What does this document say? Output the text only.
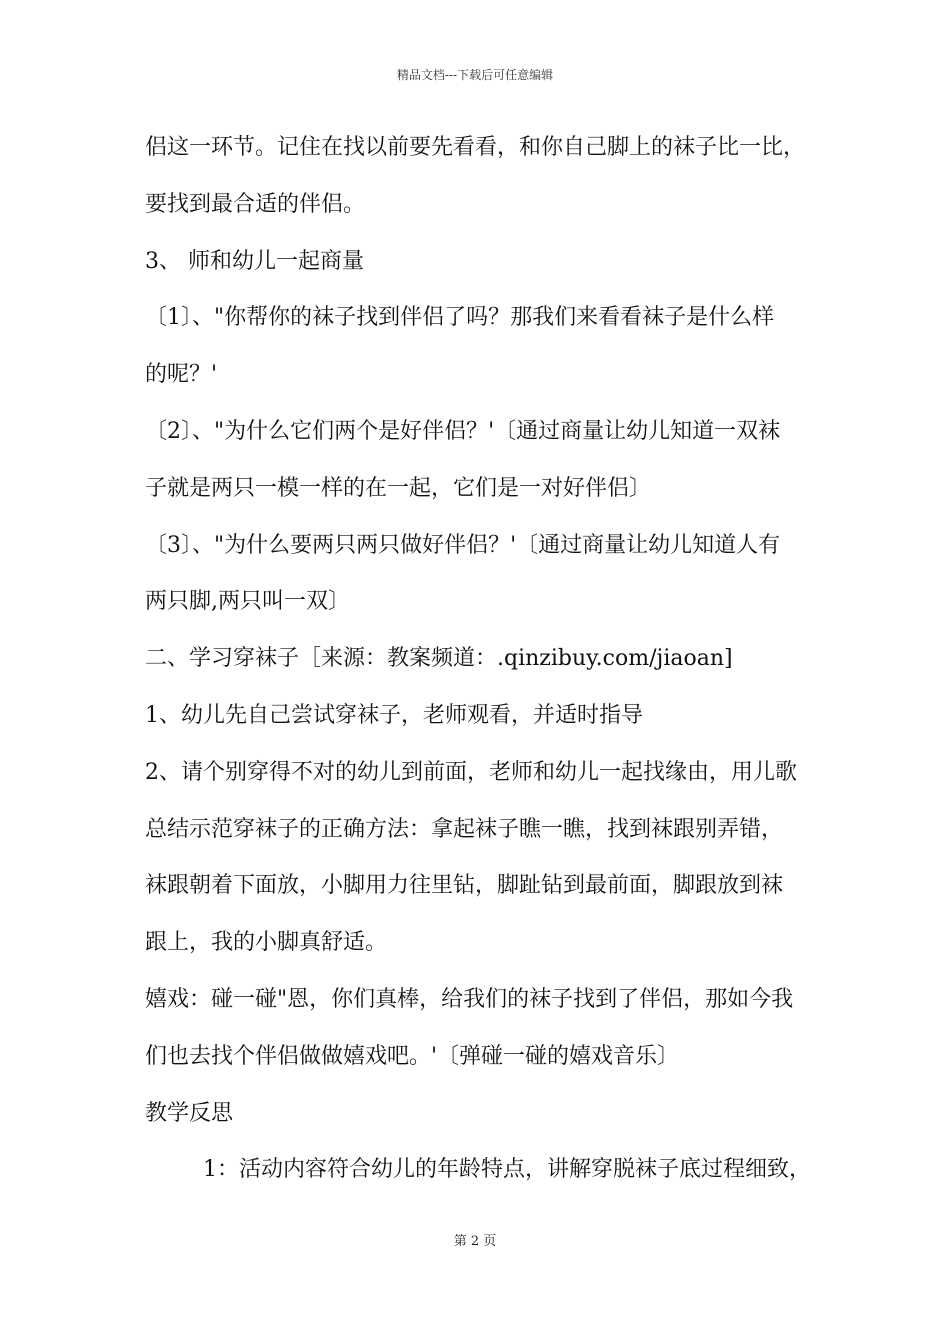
精品文档---下载后可任意编辑
侣这一环节。记住在找以前要先看看，和你自己脚上的袜子比一比，
要找到最合适的伴侣。
3、 师和幼儿一起商量
〔1〕、"你帮你的袜子找到伴侣了吗？那我们来看看袜子是什么样
的呢？'
〔2〕、"为什么它们两个是好伴侣？'〔通过商量让幼儿知道一双袜
子就是两只一模一样的在一起，它们是一对好伴侣〕
〔3〕、"为什么要两只两只做好伴侣？'〔通过商量让幼儿知道人有
两只脚,两只叫一双〕
二、学习穿袜子［来源：教案频道：.qinzibuy.com/jiaoan]
1、幼儿先自己尝试穿袜子，老师观看，并适时指导
2、请个别穿得不对的幼儿到前面，老师和幼儿一起找缘由，用儿歌
总结示范穿袜子的正确方法：拿起袜子瞧一瞧，找到袜跟别弄错，
袜跟朝着下面放，小脚用力往里钻，脚趾钻到最前面，脚跟放到袜
跟上，我的小脚真舒适。
嬉戏：碰一碰"恩，你们真棒，给我们的袜子找到了伴侣，那如今我
们也去找个伴侣做做嬉戏吧。'〔弹碰一碰的嬉戏音乐〕
教学反思
1：活动内容符合幼儿的年龄特点，讲解穿脱袜子底过程细致，
第 2 页
